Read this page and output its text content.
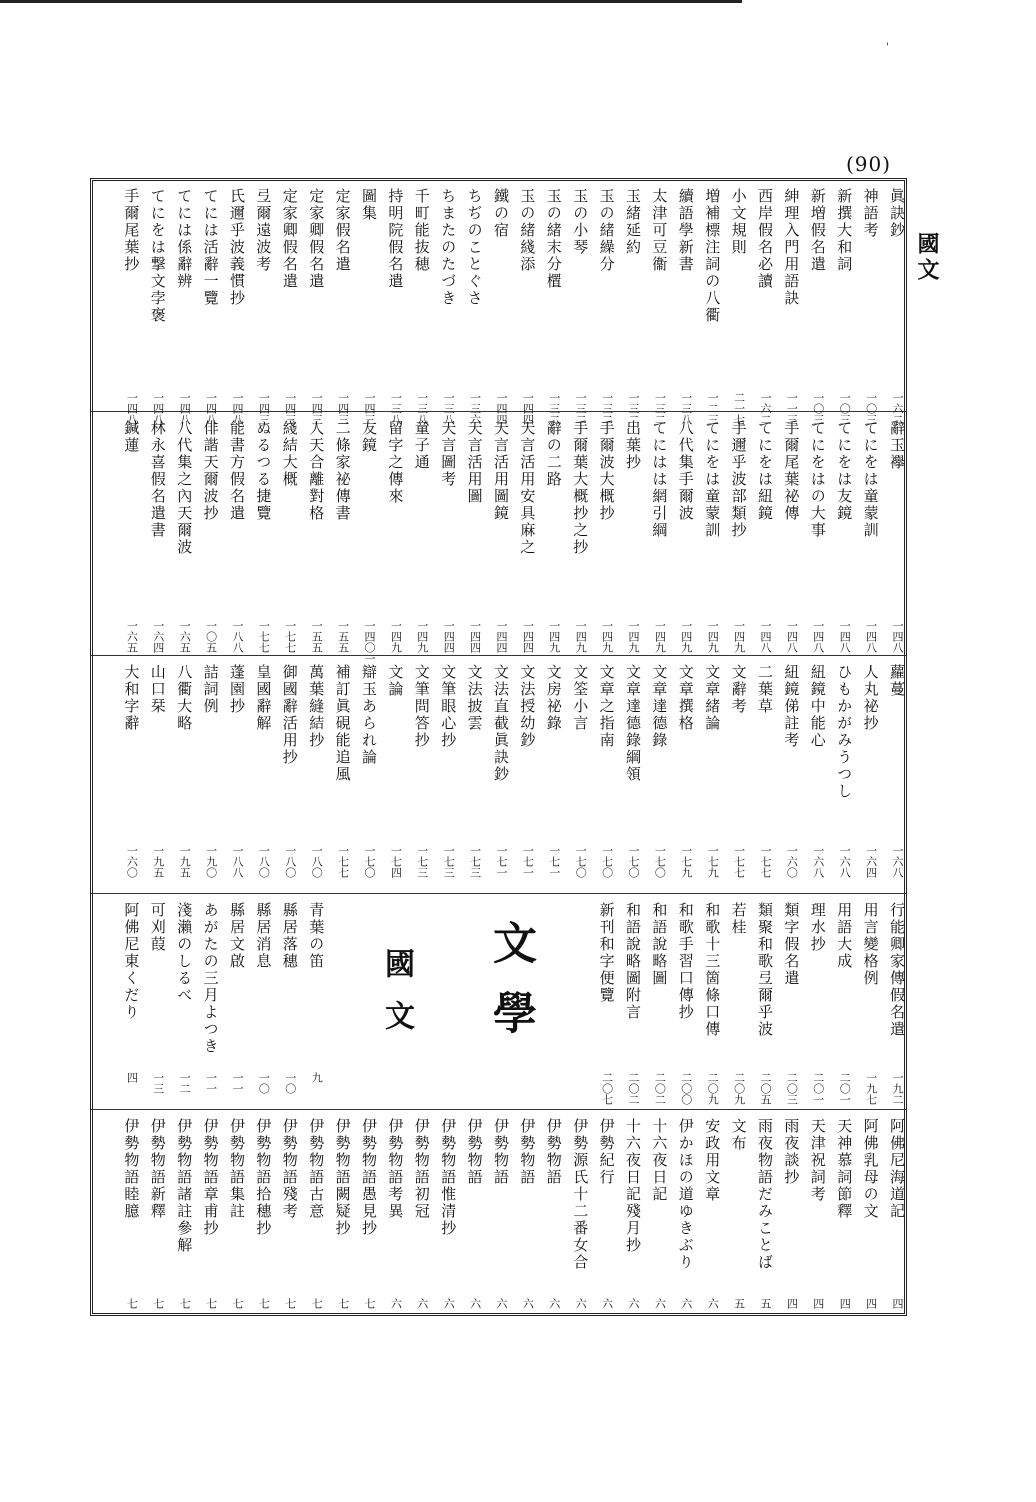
'
(90)
國文
眞訣鈔
一六二
神語考
一〇三
新撰大和詞
一〇三
新増假名遣
一〇三
紳理入門用語訣
一一三
西岸假名必讀
一六二
小文規則
二一七
増補標注詞の八衢
一二三
續語學新書
一三八
太津可豆衞
一三二
玉緒延約
一三二
玉の緒繰分
一三二
玉の小琴
一三二
玉の緒末分㯰
一三二
玉の緒綫添
一四四
鐵の宿
一四四
ちぢのことぐさ
一三六
ちまたのたづき
一三八
千町能抜穂
一三八
持明院假名遣
一三八
圖集
一四三
定家假名遣
一四三
定家卿假名遣
一四三
定家卿假名遣
一四三
弖爾遠波考
一四三
氏邇乎波義慣抄
一四八
てには活辭一覽
一四八
てには係辭辨
一四八
てにをは撃文孛褒
一四八
手爾尾葉抄
一四八
辭玉襷
一四八
てにをは童蒙訓
一四八
てにをは友鏡
一四八
てにをはの大事
一四八
手爾尾葉祕傳
一四八
てにをは紐鏡
一四八
手邇乎波部類抄
一四九
てにをは童蒙訓
一四九
八代集手爾波
一四九
てにはは網引綱
一四九
出葉抄
一四九
手爾波大概抄
一四九
手爾葉大概抄之抄
一四九
辭の二路
一四九
天言活用安具麻之
一四四
天言活用圖鏡
一四四
天言活用圖
一四四
天言圖考
一四四
童子通
一四九
留字之傳來
一四九
友鏡
一四〇一
二條家祕傳書
一五五
人天合離對格
一五五
綫結大概
一七七
ぬるつる捷覽
一七七
能書方假名遣
一八八
俳諧天爾波抄
一〇五
八代集之內天爾波
一六五
林永喜假名遣書
一六四
鍼蓮
一六五
蘿蔓
一六八
人丸祕抄
一六四
ひもかがみうつし
一六八
紐鏡中能心
一六八
紐鏡俤註考
一六〇
二葉草
一七七
文辭考
一七七
文章緒論
一七九
文章撰格
一七九
文章達德錄
一七〇
文章達德錄綱領
一七〇
文章之指南
一七〇
文筌小言
一七〇
文房祕錄
一七一
文法授幼鈔
一七一
文法直截眞訣鈔
一七一
文法披雲
一七三
文筆眼心抄
一七三
文筆問答抄
一七三
文論
一七四
辯玉あられ論
一七〇
補訂眞硯能追風
一七七
萬葉縫結抄
一八〇
御國辭活用抄
一八〇
皇國辭解
一八〇
蓬園抄
一八八
詰詞例
一九〇
八衢大略
一九五
山口栞
一九五
大和字辭
一六〇
行能卿家傳假名遣
一九二
用言變格例
一九七
用語大成
二〇一
理水抄
二〇一
類字假名遣
二〇三
類聚和歌弖爾乎波
二〇五
若桂
二〇九
和歌十三箇條口傳
二〇九
和歌手習口傳抄
二〇〇
和語說略圖
二〇二
和語說略圖附言
二〇二
新刊和字便覽
二〇七
青葉の笛
九
縣居落穗
一〇
縣居消息
一〇
縣居文啟
一一
あがたの三月よつき
一一
淺瀨のしるべ
一二
可刈葭
一三
阿佛尼東くだり
四
阿佛尼海道記
四
阿佛乳母の文
四
天神慕詞節釋
四
天津祝詞考
四
雨夜談抄
四
雨夜物語だみことば
五
文布
五
安政用文章
六
伊かほの道ゆきぶり
六
十六夜日記
六
十六夜日記殘月抄
六
伊勢紀行
六
伊勢源氏十二番女合
六
伊勢物語
六
伊勢物語
六
伊勢物語
六
伊勢物語
六
伊勢物語惟清抄
六
伊勢物語初冠
六
伊勢物語考異
六
伊勢物語愚見抄
七
伊勢物語闕疑抄
七
伊勢物語古意
七
伊勢物語殘考
七
伊勢物語拾穗抄
七
伊勢物語集註
七
伊勢物語章甫抄
七
伊勢物語諸註參解
七
伊勢物語新釋
七
伊勢物語睦臆
七
文學
國文
